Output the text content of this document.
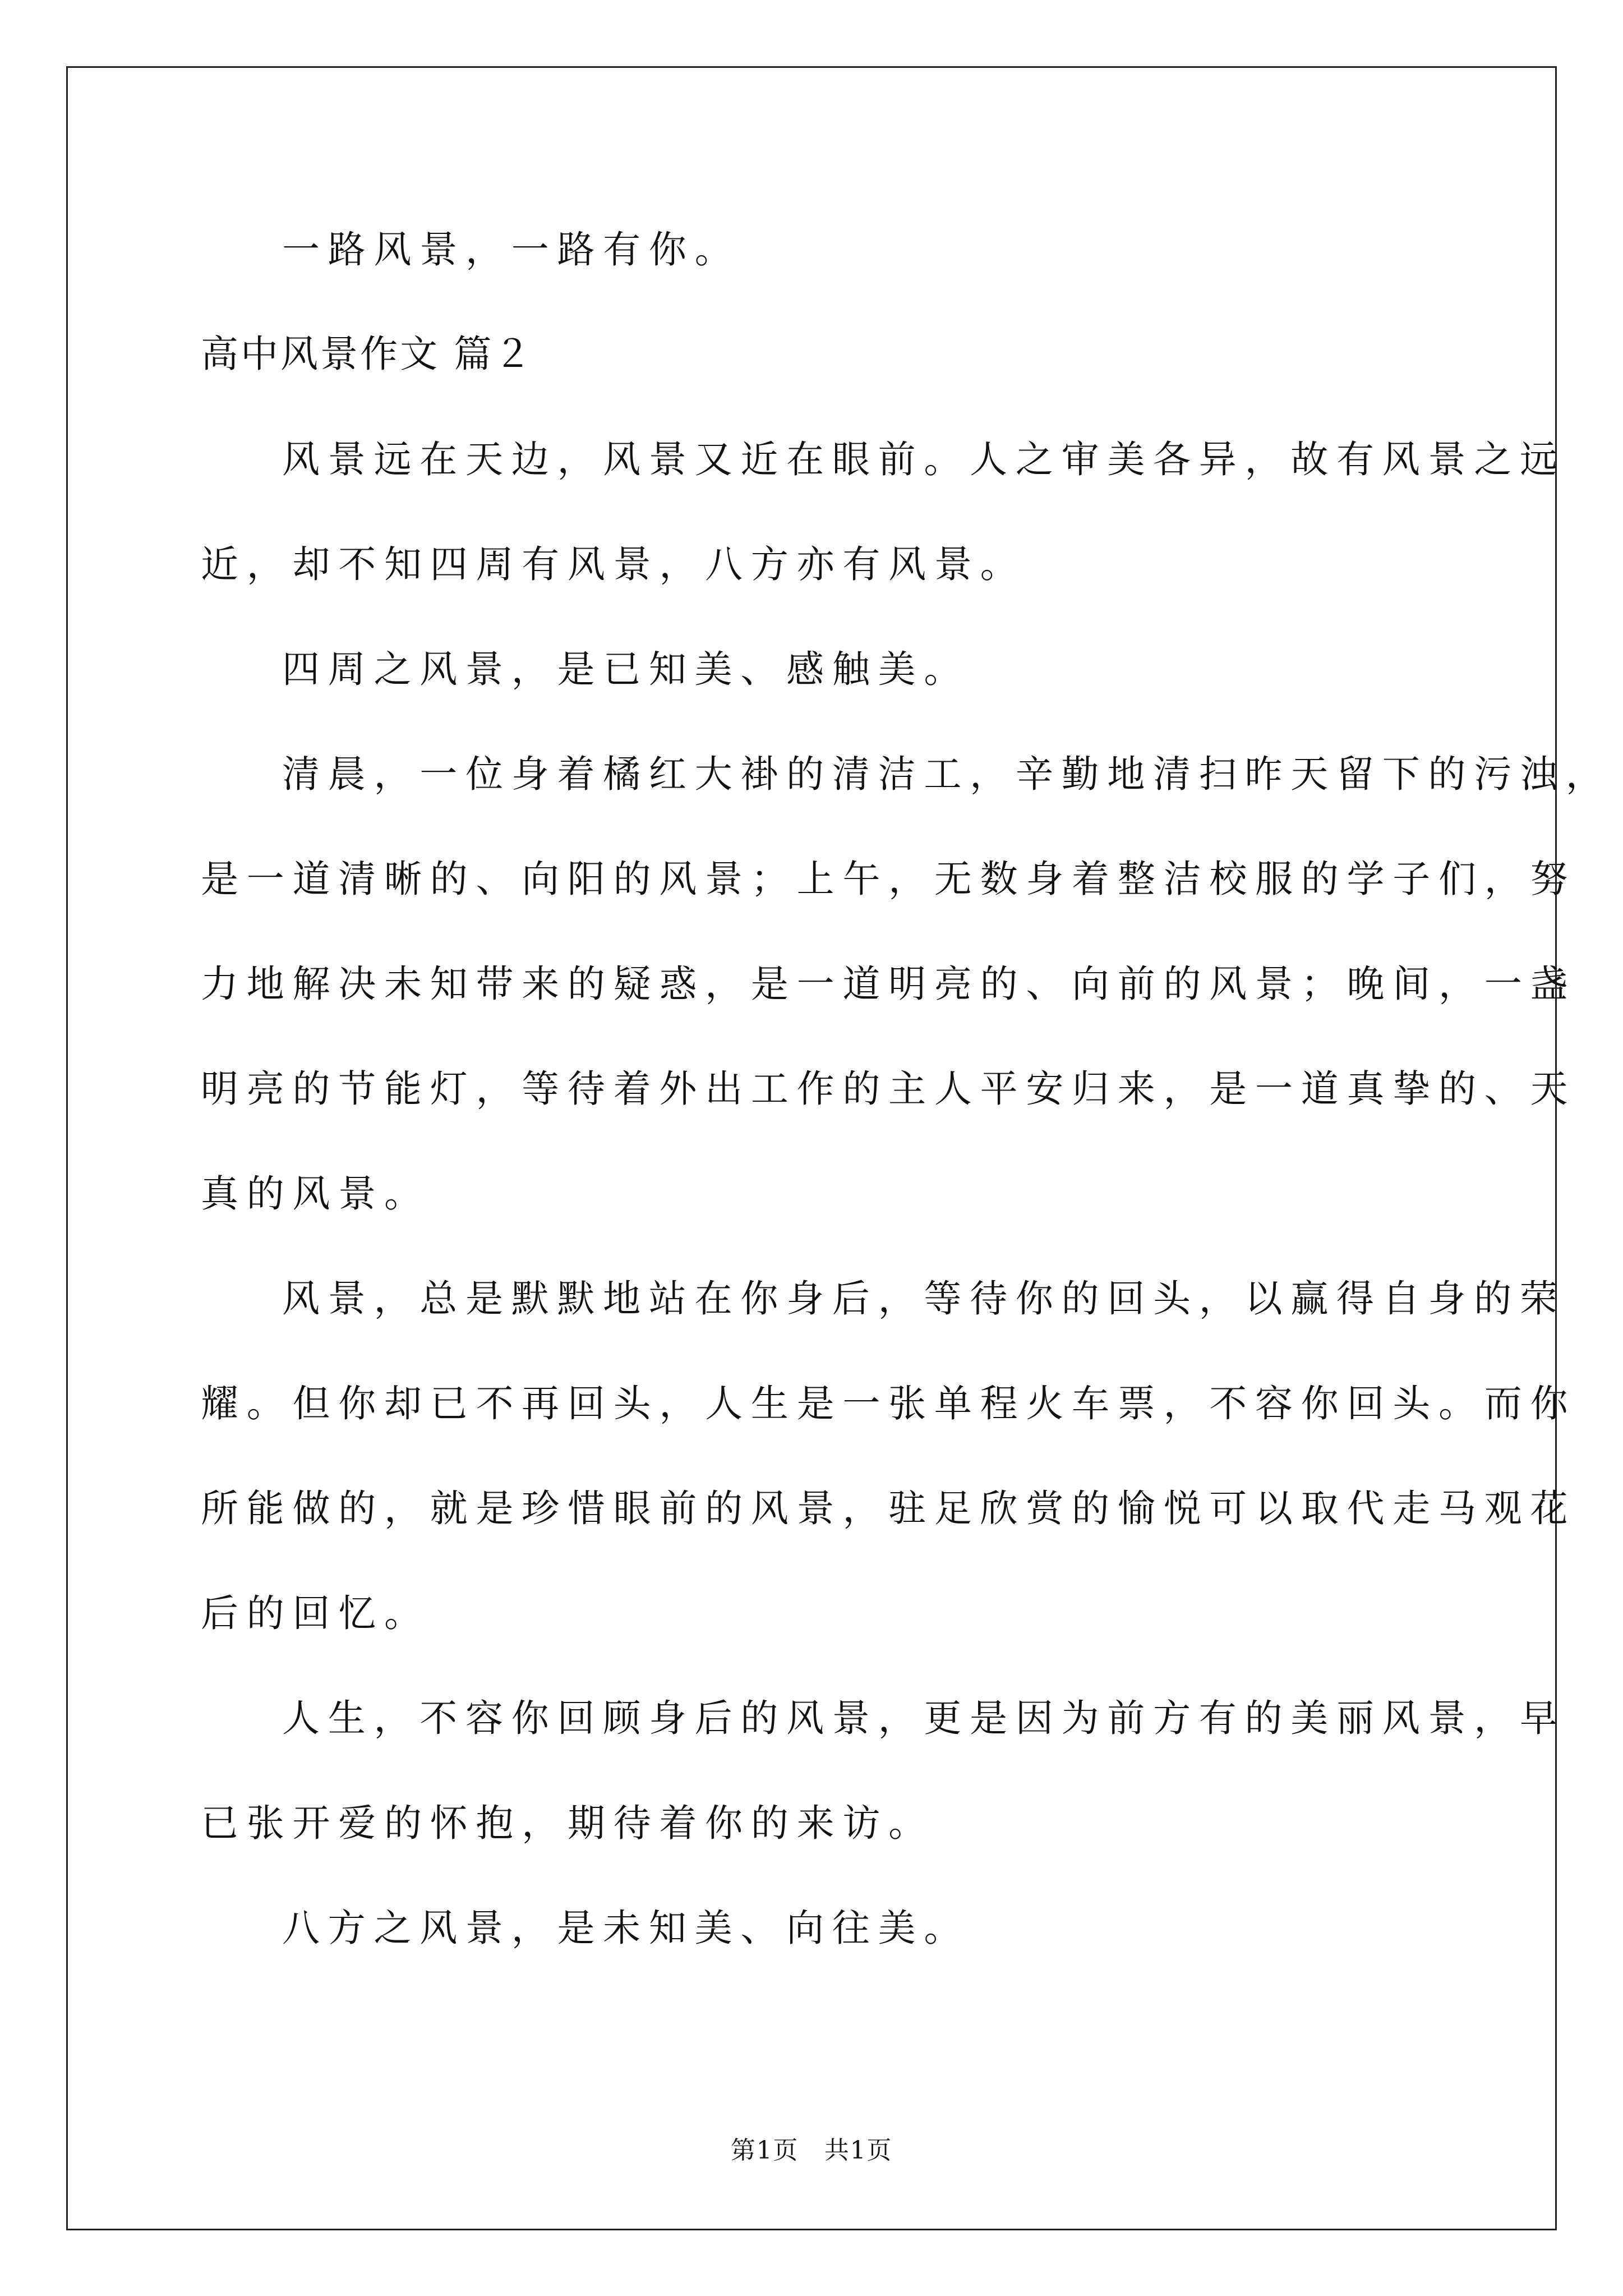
一路风景，一路有你。

高中风景作文 篇２

风景远在天边，风景又近在眼前。人之审美各异，故有风景之远

近，却不知四周有风景，八方亦有风景。

四周之风景，是已知美、感触美。

清晨，一位身着橘红大褂的清洁工，辛勤地清扫昨天留下的污浊，

是一道清晰的、向阳的风景；上午，无数身着整洁校服的学子们，努

力地解决未知带来的疑惑，是一道明亮的、向前的风景；晚间，一盏

明亮的节能灯，等待着外出工作的主人平安归来，是一道真挚的、天

真的风景。

风景，总是默默地站在你身后，等待你的回头，以赢得自身的荣

耀。但你却已不再回头，人生是一张单程火车票，不容你回头。而你

所能做的，就是珍惜眼前的风景，驻足欣赏的愉悦可以取代走马观花

后的回忆。

人生，不容你回顾身后的风景，更是因为前方有的美丽风景，早

已张开爱的怀抱，期待着你的来访。

八方之风景，是未知美、向往美。

第1页　共1页
